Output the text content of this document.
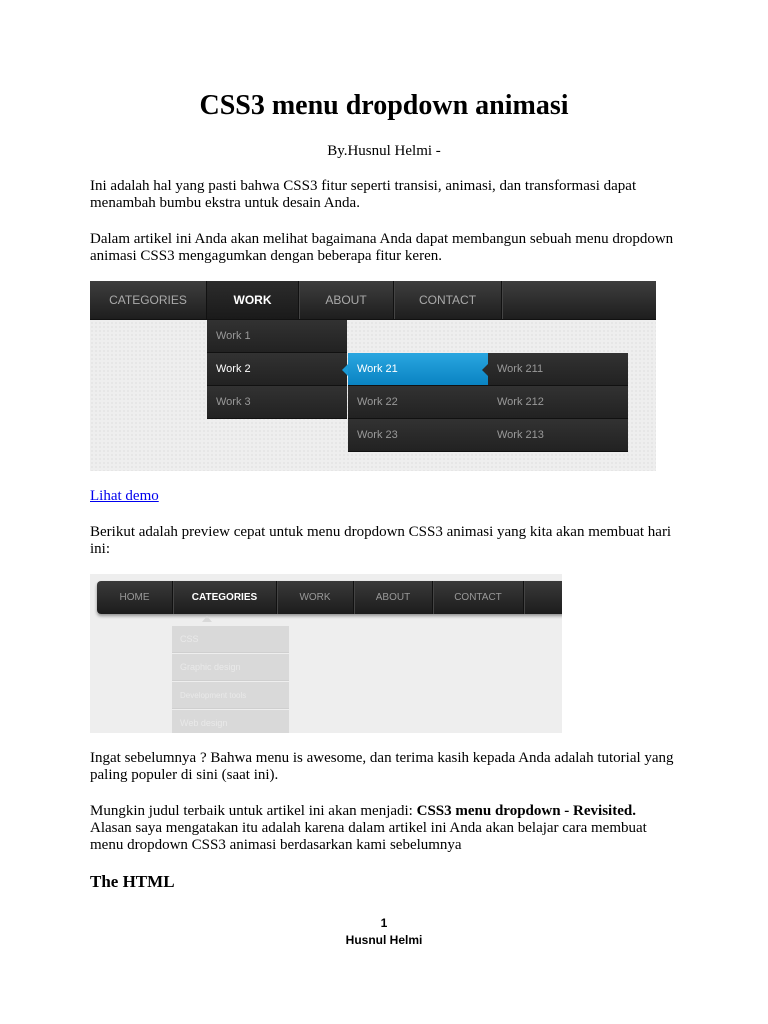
CSS3 menu dropdown animasi
By.Husnul Helmi -
Ini adalah hal yang pasti bahwa CSS3 fitur seperti transisi, animasi, dan transformasi dapat menambah bumbu ekstra untuk desain Anda.
Dalam artikel ini Anda akan melihat bagaimana Anda dapat membangun sebuah menu dropdown animasi CSS3 mengagumkan dengan beberapa fitur keren.
CATEGORIES	WORK	ABOUT	CONTACT
Work 1
Work 2
Work 3
Work 21
Work 22
Work 23
Work 211
Work 212
Work 213
Lihat demo
Berikut adalah preview cepat untuk menu dropdown CSS3 animasi yang kita akan membuat hari ini:
HOME	CATEGORIES	WORK	ABOUT	CONTACT
CSS
Graphic design
Development tools
Web design
Ingat sebelumnya ? Bahwa menu is awesome, dan terima kasih kepada Anda adalah tutorial yang paling populer di sini (saat ini).
Mungkin judul terbaik untuk artikel ini akan menjadi: CSS3 menu dropdown - Revisited.
Alasan saya mengatakan itu adalah karena dalam artikel ini Anda akan belajar cara membuat menu dropdown CSS3 animasi berdasarkan kami sebelumnya
The HTML
1
Husnul Helmi
